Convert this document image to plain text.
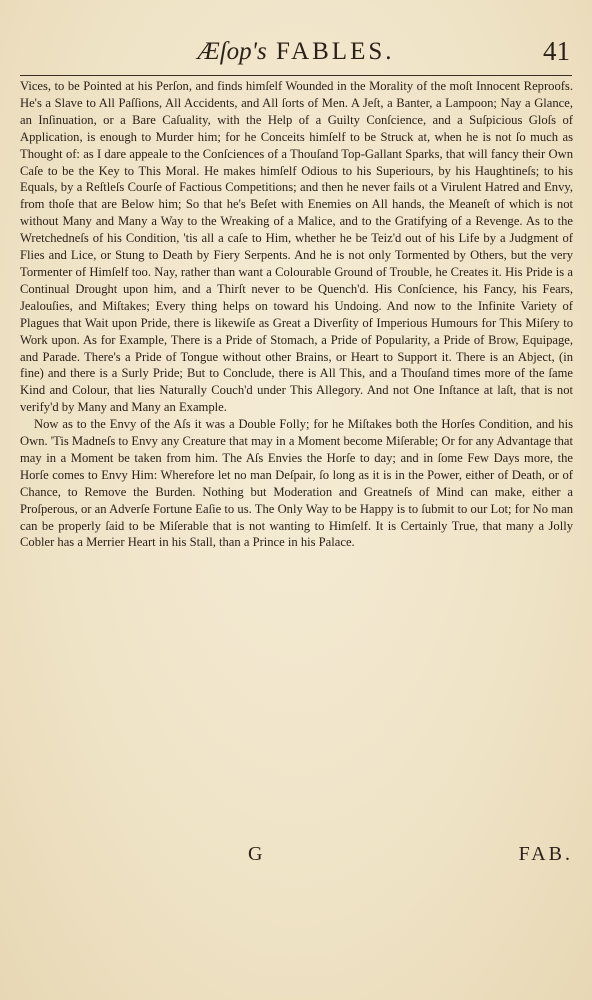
Æſop's FABLES.	41

Vices, to be Pointed at his Perſon, and finds himſelf Wounded in the Morality of the moſt Innocent Reproofs. He's a Slave to All Paſſions, All Accidents, and All ſorts of Men. A Jeſt, a Banter, a Lampoon; Nay a Glance, an Inſinuation, or a Bare Caſuality, with the Help of a Guilty Conſcience, and a Suſpicious Gloſs of Application, is enough to Murder him; for he Conceits himſelf to be Struck at, when he is not ſo much as Thought of: as I dare appeale to the Conſciences of a Thouſand Top-Gallant Sparks, that will fancy their Own Caſe to be the Key to This Moral. He makes himſelf Odious to his Superiours, by his Haughtineſs; to his Equals, by a Reſtleſs Courſe of Factious Competitions; and then he never fails ot a Virulent Hatred and Envy, from thoſe that are Below him; So that he's Beſet with Enemies on All hands, the Meaneſt of which is not without Many and Many a Way to the Wreaking of a Malice, and to the Gratifying of a Revenge. As to the Wretchedneſs of his Condition, 'tis all a caſe to Him, whether he be Teiz'd out of his Life by a Judgment of Flies and Lice, or Stung to Death by Fiery Serpents. And he is not only Tormented by Others, but the very Tormenter of Himſelf too. Nay, rather than want a Colourable Ground of Trouble, he Creates it. His Pride is a Continual Drought upon him, and a Thirſt never to be Quench'd. His Conſcience, his Fancy, his Fears, Jealouſies, and Miſtakes; Every thing helps on toward his Undoing. And now to the Infinite Variety of Plagues that Wait upon Pride, there is likewiſe as Great a Diverſity of Imperious Humours for This Miſery to Work upon. As for Example, There is a Pride of Stomach, a Pride of Popularity, a Pride of Brow, Equipage, and Parade. There's a Pride of Tongue without other Brains, or Heart to Support it. There is an Abject, (in fine) and there is a Surly Pride; But to Conclude, there is All This, and a Thouſand times more of the ſame Kind and Colour, that lies Naturally Couch'd under This Allegory. And not One Inſtance at laſt, that is not verify'd by Many and Many an Example.

Now as to the Envy of the Aſs it was a Double Folly; for he Miſtakes both the Horſes Condition, and his Own. 'Tis Madneſs to Envy any Creature that may in a Moment become Miſerable; Or for any Advantage that may in a Moment be taken from him. The Aſs Envies the Horſe to day; and in ſome Few Days more, the Horſe comes to Envy Him: Wherefore let no man Deſpair, ſo long as it is in the Power, either of Death, or of Chance, to Remove the Burden. Nothing but Moderation and Greatneſs of Mind can make, either a Proſperous, or an Adverſe Fortune Eaſie to us. The Only Way to be Happy is to ſubmit to our Lot; for No man can be properly ſaid to be Miſerable that is not wanting to Himſelf. It is Certainly True, that many a Jolly Cobler has a Merrier Heart in his Stall, than a Prince in his Palace.

G	FAB.
